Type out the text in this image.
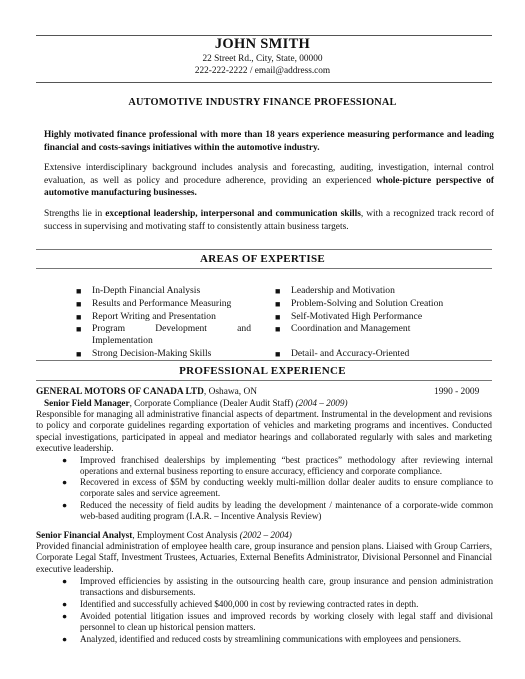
JOHN SMITH
22 Street Rd., City, State, 00000
222-222-2222 / email@address.com
AUTOMOTIVE INDUSTRY FINANCE PROFESSIONAL
Highly motivated finance professional with more than 18 years experience measuring performance and leading financial and costs-savings initiatives within the automotive industry.
Extensive interdisciplinary background includes analysis and forecasting, auditing, investigation, internal control evaluation, as well as policy and procedure adherence, providing an experienced whole-picture perspective of automotive manufacturing businesses.
Strengths lie in exceptional leadership, interpersonal and communication skills, with a recognized track record of success in supervising and motivating staff to consistently attain business targets.
AREAS OF EXPERTISE
■ In-Depth Financial Analysis
■ Results and Performance Measuring
■ Report Writing and Presentation
■ Program Development and Implementation
■ Strong Decision-Making Skills
■ Leadership and Motivation
■ Problem-Solving and Solution Creation
■ Self-Motivated High Performance
■ Coordination and Management
■ Detail- and Accuracy-Oriented
PROFESSIONAL EXPERIENCE
GENERAL MOTORS OF CANADA LTD, Oshawa, ON	1990 - 2009
Senior Field Manager, Corporate Compliance (Dealer Audit Staff) (2004 – 2009)
Responsible for managing all administrative financial aspects of department. Instrumental in the development and revisions to policy and corporate guidelines regarding exportation of vehicles and marketing programs and incentives. Conducted special investigations, participated in appeal and mediator hearings and collaborated regularly with sales and marketing executive leadership.
● Improved franchised dealerships by implementing “best practices” methodology after reviewing internal operations and external business reporting to ensure accuracy, efficiency and corporate compliance.
● Recovered in excess of $5M by conducting weekly multi-million dollar dealer audits to ensure compliance to corporate sales and service agreement.
● Reduced the necessity of field audits by leading the development / maintenance of a corporate-wide common web-based auditing program (I.A.R. – Incentive Analysis Review)
Senior Financial Analyst, Employment Cost Analysis (2002 – 2004)
Provided financial administration of employee health care, group insurance and pension plans. Liaised with Group Carriers, Corporate Legal Staff, Investment Trustees, Actuaries, External Benefits Administrator, Divisional Personnel and Financial executive leadership.
● Improved efficiencies by assisting in the outsourcing health care, group insurance and pension administration transactions and disbursements.
● Identified and successfully achieved $400,000 in cost by reviewing contracted rates in depth.
● Avoided potential litigation issues and improved records by working closely with legal staff and divisional personnel to clean up historical pension matters.
● Analyzed, identified and reduced costs by streamlining communications with employees and pensioners.
